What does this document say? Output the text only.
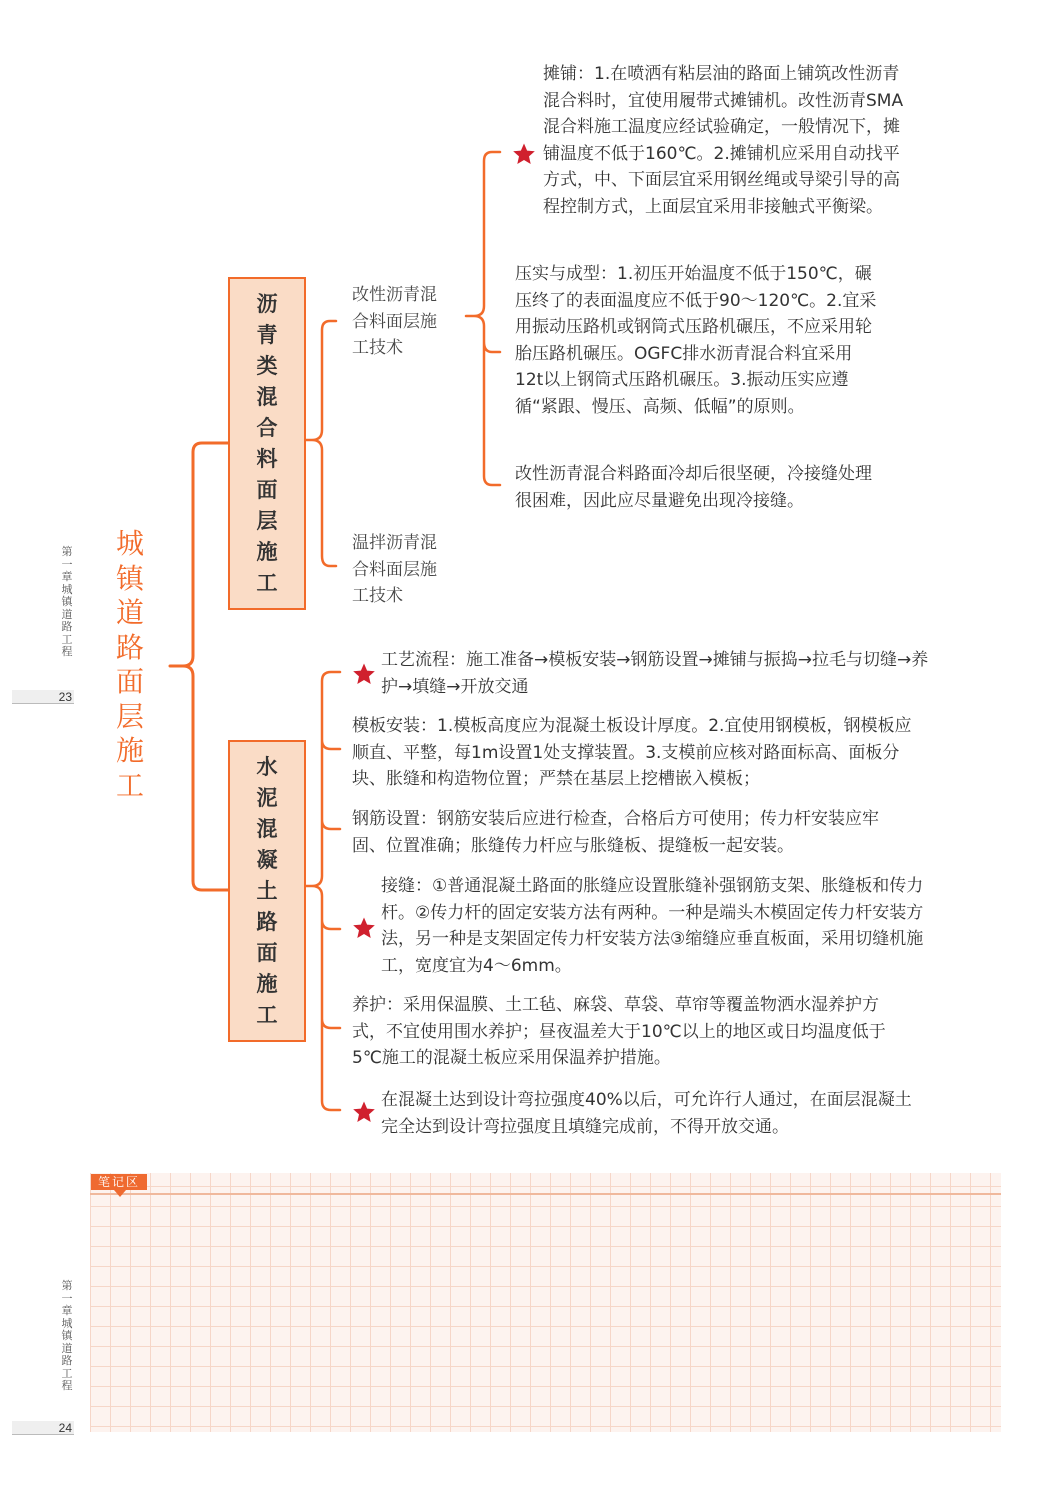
第一章城镇道路工程
23
第一章城镇道路工程
24
城镇道路面层施工
沥青类混合料面层施工
水泥混凝土路面施工
改性沥青混合料面层施工技术
温拌沥青混合料面层施工技术
摊铺：1.在喷洒有粘层油的路面上铺筑改性沥青混合料时，宜使用履带式摊铺机。改性沥青SMA混合料施工温度应经试验确定，一般情况下，摊铺温度不低于160℃。2.摊铺机应采用自动找平方式，中、下面层宜采用钢丝绳或导梁引导的高程控制方式，上面层宜采用非接触式平衡梁。
压实与成型：1.初压开始温度不低于150℃，碾压终了的表面温度应不低于90～120℃。2.宜采用振动压路机或钢筒式压路机碾压，不应采用轮胎压路机碾压。OGFC排水沥青混合料宜采用12t以上钢筒式压路机碾压。3.振动压实应遵循“紧跟、慢压、高频、低幅”的原则。
改性沥青混合料路面冷却后很坚硬，冷接缝处理很困难，因此应尽量避免出现冷接缝。
工艺流程：施工准备→模板安装→钢筋设置→摊铺与振捣→拉毛与切缝→养护→填缝→开放交通
模板安装：1.模板高度应为混凝土板设计厚度。2.宜使用钢模板，钢模板应顺直、平整，每1m设置1处支撑装置。3.支模前应核对路面标高、面板分块、胀缝和构造物位置；严禁在基层上挖槽嵌入模板；
钢筋设置：钢筋安装后应进行检查，合格后方可使用；传力杆安装应牢固、位置准确；胀缝传力杆应与胀缝板、提缝板一起安装。
接缝：①普通混凝土路面的胀缝应设置胀缝补强钢筋支架、胀缝板和传力杆。②传力杆的固定安装方法有两种。一种是端头木模固定传力杆安装方法，另一种是支架固定传力杆安装方法③缩缝应垂直板面，采用切缝机施工，宽度宜为4～6mm。
养护：采用保温膜、土工毡、麻袋、草袋、草帘等覆盖物洒水湿养护方式，不宜使用围水养护；昼夜温差大于10℃以上的地区或日均温度低于5℃施工的混凝土板应采用保温养护措施。
在混凝土达到设计弯拉强度40%以后，可允许行人通过，在面层混凝土完全达到设计弯拉强度且填缝完成前，不得开放交通。
笔记区
